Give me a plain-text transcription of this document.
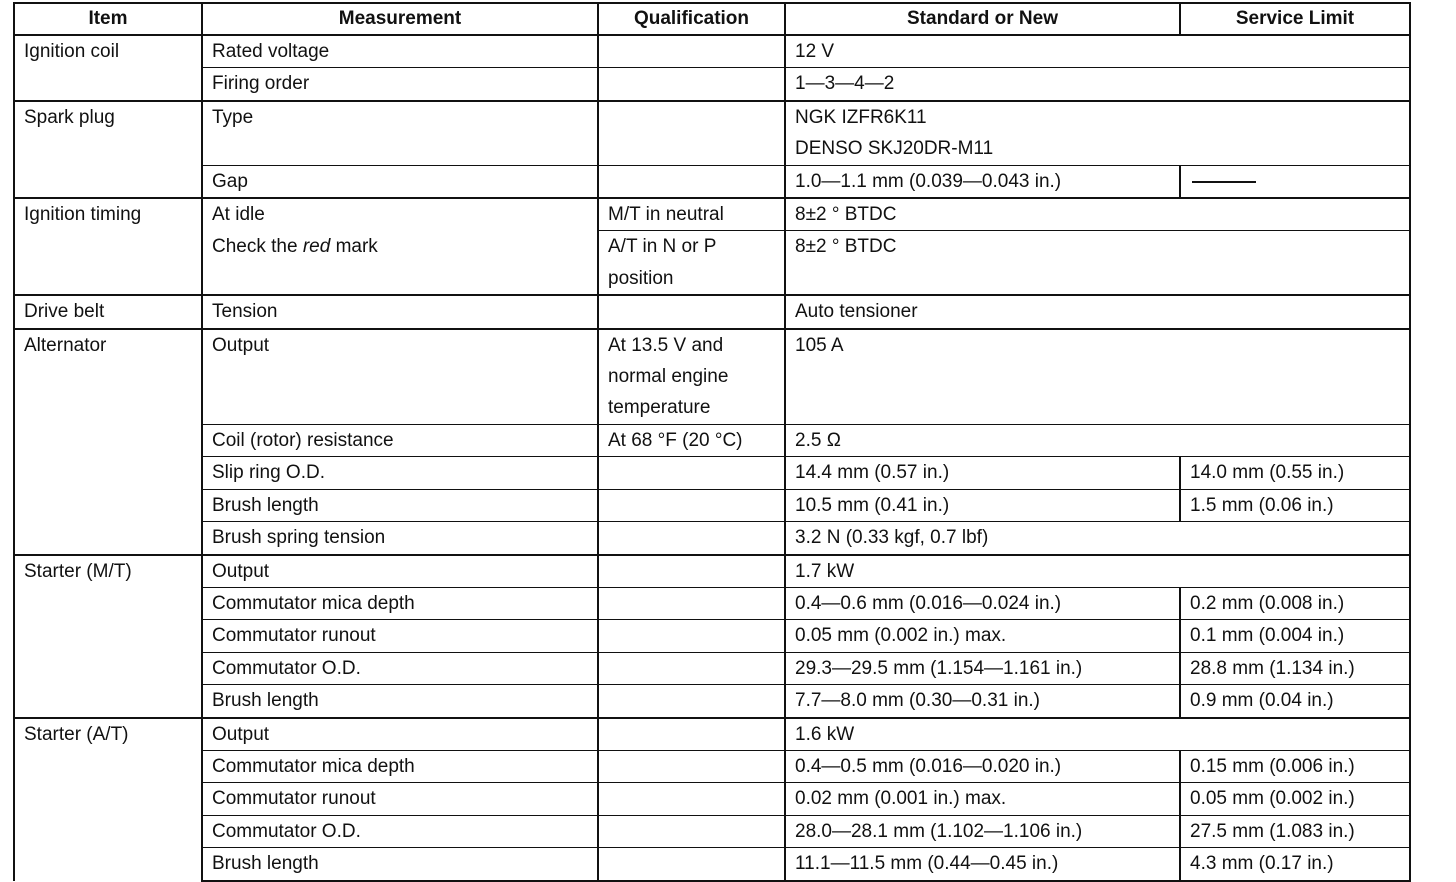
Item	Measurement	Qualification	Standard or New	Service Limit
Ignition coil	Rated voltage		12 V	
	Firing order		1—3—4—2	
Spark plug	Type		NGK IZFR6K11	
			DENSO SKJ20DR-M11	
	Gap		1.0—1.1 mm (0.039—0.043 in.)	
Ignition timing	At idle	M/T in neutral	8±2 ° BTDC	
	Check the red mark	A/T in N or P	8±2 ° BTDC	
		position		
Drive belt	Tension		Auto tensioner	
Alternator	Output	At 13.5 V and	105 A	
		normal engine		
		temperature		
	Coil (rotor) resistance	At 68 °F (20 °C)	2.5 Ω	
	Slip ring O.D.		14.4 mm (0.57 in.)	14.0 mm (0.55 in.)
	Brush length		10.5 mm (0.41 in.)	1.5 mm (0.06 in.)
	Brush spring tension		3.2 N (0.33 kgf, 0.7 lbf)	
Starter (M/T)	Output		1.7 kW	
	Commutator mica depth		0.4—0.6 mm (0.016—0.024 in.)	0.2 mm (0.008 in.)
	Commutator runout		0.05 mm (0.002 in.) max.	0.1 mm (0.004 in.)
	Commutator O.D.		29.3—29.5 mm (1.154—1.161 in.)	28.8 mm (1.134 in.)
	Brush length		7.7—8.0 mm (0.30—0.31 in.)	0.9 mm (0.04 in.)
Starter (A/T)	Output		1.6 kW	
	Commutator mica depth		0.4—0.5 mm (0.016—0.020 in.)	0.15 mm (0.006 in.)
	Commutator runout		0.02 mm (0.001 in.) max.	0.05 mm (0.002 in.)
	Commutator O.D.		28.0—28.1 mm (1.102—1.106 in.)	27.5 mm (1.083 in.)
	Brush length		11.1—11.5 mm (0.44—0.45 in.)	4.3 mm (0.17 in.)
